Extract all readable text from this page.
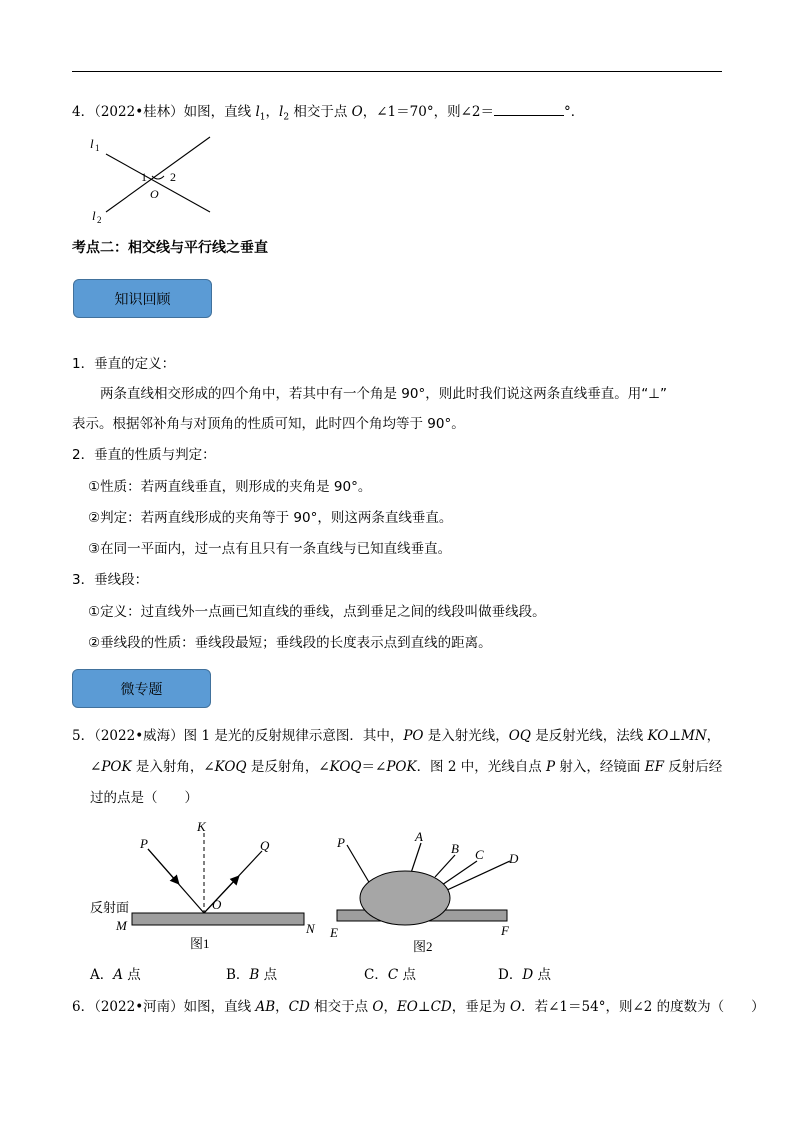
4．（2022•桂林）如图，直线 $l_1$，$l_2$ 相交于点 O，∠1＝70°，则∠2＝	°．
l 1
l 2
1 2
O
考点二：相交线与平行线之垂直
知识回顾
1．垂直的定义：
两条直线相交形成的四个角中，若其中有一个角是 90°，则此时我们说这两条直线垂直。用“⊥”
表示。根据邻补角与对顶角的性质可知，此时四个角均等于 90°。
2．垂直的性质与判定：
①性质：若两直线垂直，则形成的夹角是 90°。
②判定：若两直线形成的夹角等于 90°，则这两条直线垂直。
③在同一平面内，过一点有且只有一条直线与已知直线垂直。
3．垂线段：
①定义：过直线外一点画已知直线的垂线，点到垂足之间的线段叫做垂线段。
②垂线段的性质：垂线段最短；垂线段的长度表示点到直线的距离。
微专题
5．（2022•威海）图 1 是光的反射规律示意图．其中，PO 是入射光线，OQ 是反射光线，法线 KO⊥MN，
∠POK 是入射角，∠KOQ 是反射角，∠KOQ＝∠POK．图 2 中，光线自点 P 射入，经镜面 EF 反射后经
过的点是（　　）
P
K
Q
O
M	N
反射面
图1
P	A
B C D
E	F
图2
A．A 点	B．B 点	C．C 点	D．D 点
6．（2022•河南）如图，直线 AB，CD 相交于点 O，EO⊥CD，垂足为 O．若∠1＝54°，则∠2 的度数为（　　）
